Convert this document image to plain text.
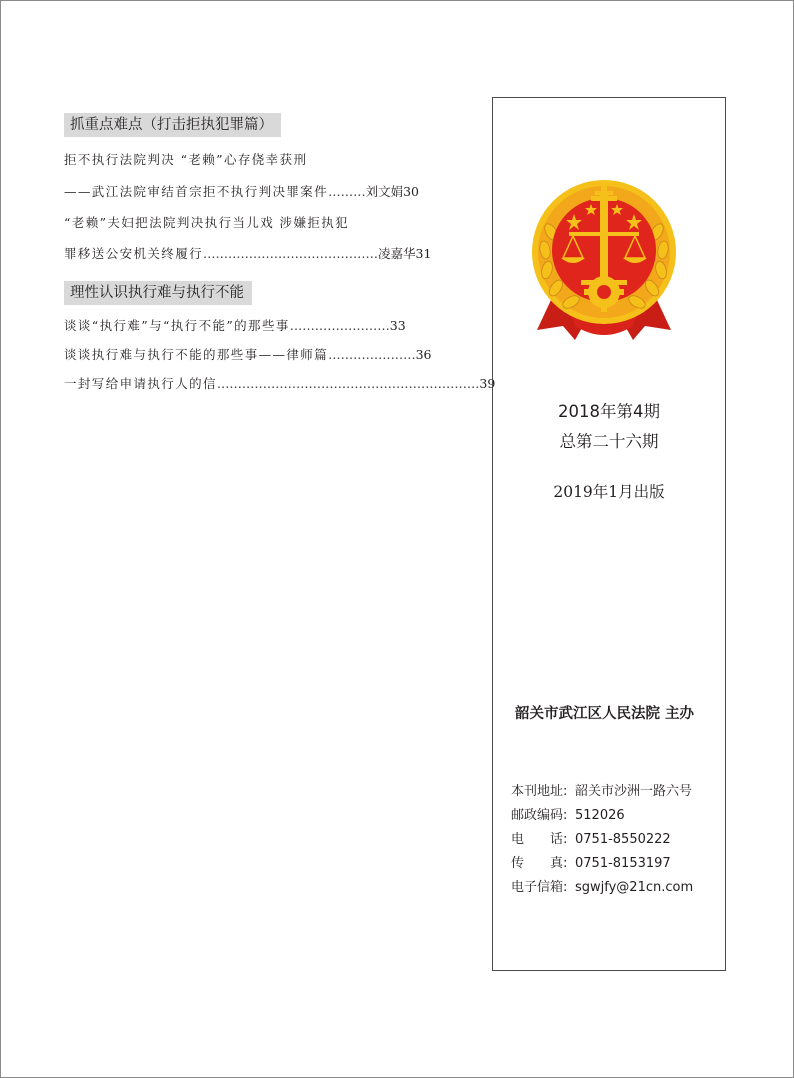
抓重点难点（打击拒执犯罪篇）
拒不执行法院判决 “老赖”心存侥幸获刑
——武江法院审结首宗拒不执行判决罪案件………刘文娟30
“老赖”夫妇把法院判决执行当儿戏 涉嫌拒执犯
罪移送公安机关终履行……………………………………凌嘉华31
理性认识执行难与执行不能
谈谈“执行难”与“执行不能”的那些事……………………33
谈谈执行难与执行不能的那些事——律师篇…………………36
一封写给申请执行人的信………………………………………………………39
2018年第4期
总第二十六期
2019年1月出版
韶关市武江区人民法院 主办
本刊地址: 韶关市沙洲一路六号
邮政编码: 512026
电　　话: 0751-8550222
传　　真: 0751-8153197
电子信箱: sgwjfy@21cn.com
